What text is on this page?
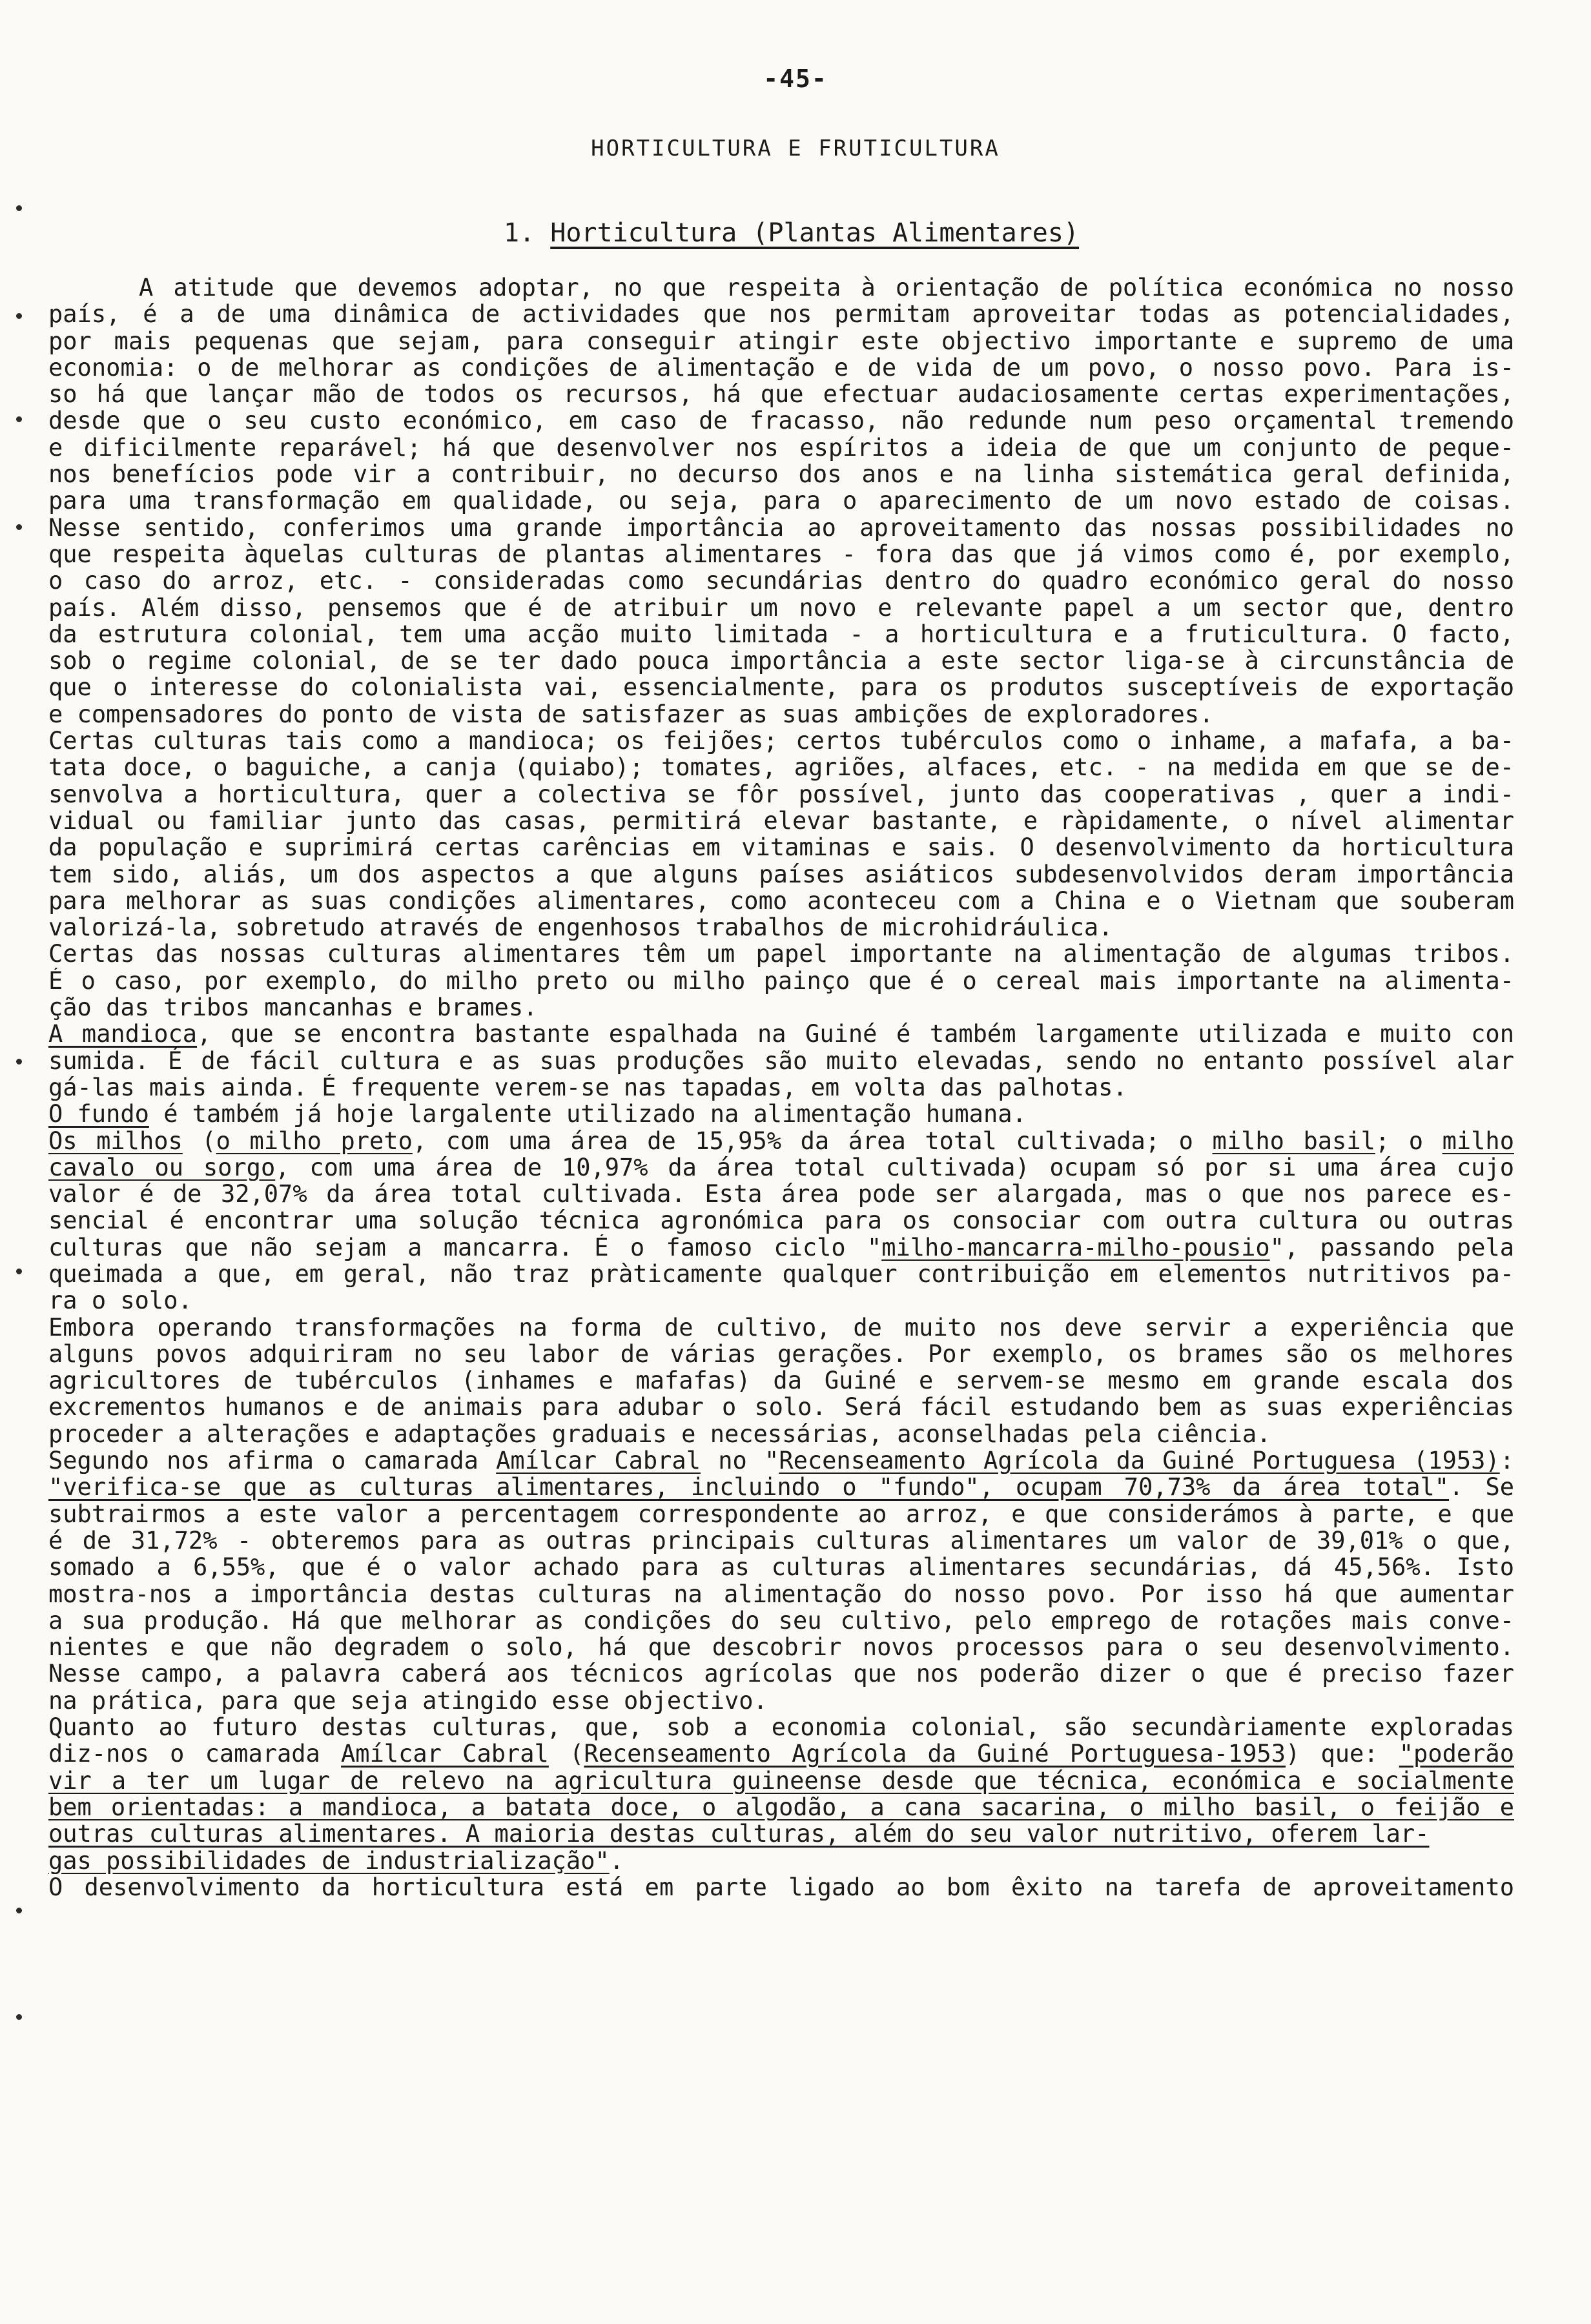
-45-
HORTICULTURA E FRUTICULTURA
1. Horticultura (Plantas Alimentares)
A atitude que devemos adoptar, no que respeita à orientação de política económica no nosso
país, é a de uma dinâmica de actividades que nos permitam aproveitar todas as potencialidades,
por mais pequenas que sejam, para conseguir atingir este objectivo importante e supremo de uma
economia: o de melhorar as condições de alimentação e de vida de um povo, o nosso povo. Para is-
so há que lançar mão de todos os recursos, há que efectuar audaciosamente certas experimentações,
desde que o seu custo económico, em caso de fracasso, não redunde num peso orçamental tremendo
e dificilmente reparável; há que desenvolver nos espíritos a ideia de que um conjunto de peque-
nos benefícios pode vir a contribuir, no decurso dos anos e na linha sistemática geral definida,
para uma transformação em qualidade, ou seja, para o aparecimento de um novo estado de coisas.
Nesse sentido, conferimos uma grande importância ao aproveitamento das nossas possibilidades no
que respeita àquelas culturas de plantas alimentares - fora das que já vimos como é, por exemplo,
o caso do arroz, etc. - consideradas como secundárias dentro do quadro económico geral do nosso
país. Além disso, pensemos que é de atribuir um novo e relevante papel a um sector que, dentro
da estrutura colonial, tem uma acção muito limitada - a horticultura e a fruticultura. O facto,
sob o regime colonial, de se ter dado pouca importância a este sector liga-se à circunstância de
que o interesse do colonialista vai, essencialmente, para os produtos susceptíveis de exportação
e compensadores do ponto de vista de satisfazer as suas ambições de exploradores.
Certas culturas tais como a mandioca; os feijões; certos tubérculos como o inhame, a mafafa, a ba-
tata doce, o baguiche, a canja (quiabo); tomates, agriões, alfaces, etc. - na medida em que se de-
senvolva a horticultura, quer a colectiva se fôr possível, junto das cooperativas , quer a indi-
vidual ou familiar junto das casas, permitirá elevar bastante, e ràpidamente, o nível alimentar
da população e suprimirá certas carências em vitaminas e sais. O desenvolvimento da horticultura
tem sido, aliás, um dos aspectos a que alguns países asiáticos subdesenvolvidos deram importância
para melhorar as suas condições alimentares, como aconteceu com a China e o Vietnam que souberam
valorizá-la, sobretudo através de engenhosos trabalhos de microhidráulica.
Certas das nossas culturas alimentares têm um papel importante na alimentação de algumas tribos.
É o caso, por exemplo, do milho preto ou milho painço que é o cereal mais importante na alimenta-
ção das tribos mancanhas e brames.
A mandioca, que se encontra bastante espalhada na Guiné é também largamente utilizada e muito con
sumida. É de fácil cultura e as suas produções são muito elevadas, sendo no entanto possível alar
gá-las mais ainda. É frequente verem-se nas tapadas, em volta das palhotas.
O fundo é também já hoje largalente utilizado na alimentação humana.
Os milhos (o milho preto, com uma área de 15,95% da área total cultivada; o milho basil; o milho
cavalo ou sorgo, com uma área de 10,97% da área total cultivada) ocupam só por si uma área cujo
valor é de 32,07% da área total cultivada. Esta área pode ser alargada, mas o que nos parece es-
sencial é encontrar uma solução técnica agronómica para os consociar com outra cultura ou outras
culturas que não sejam a mancarra. É o famoso ciclo "milho-mancarra-milho-pousio", passando pela
queimada a que, em geral, não traz pràticamente qualquer contribuição em elementos nutritivos pa-
ra o solo.
Embora operando transformações na forma de cultivo, de muito nos deve servir a experiência que
alguns povos adquiriram no seu labor de várias gerações. Por exemplo, os brames são os melhores
agricultores de tubérculos (inhames e mafafas) da Guiné e servem-se mesmo em grande escala dos
excrementos humanos e de animais para adubar o solo. Será fácil estudando bem as suas experiências
proceder a alterações e adaptações graduais e necessárias, aconselhadas pela ciência.
Segundo nos afirma o camarada Amílcar Cabral no "Recenseamento Agrícola da Guiné Portuguesa (1953):
"verifica-se que as culturas alimentares, incluindo o "fundo", ocupam 70,73% da área total". Se
subtrairmos a este valor a percentagem correspondente ao arroz, e que considerámos à parte, e que
é de 31,72% - obteremos para as outras principais culturas alimentares um valor de 39,01% o que,
somado a 6,55%, que é o valor achado para as culturas alimentares secundárias, dá 45,56%. Isto
mostra-nos a importância destas culturas na alimentação do nosso povo. Por isso há que aumentar
a sua produção. Há que melhorar as condições do seu cultivo, pelo emprego de rotações mais conve-
nientes e que não degradem o solo, há que descobrir novos processos para o seu desenvolvimento.
Nesse campo, a palavra caberá aos técnicos agrícolas que nos poderão dizer o que é preciso fazer
na prática, para que seja atingido esse objectivo.
Quanto ao futuro destas culturas, que, sob a economia colonial, são secundàriamente exploradas
diz-nos o camarada Amílcar Cabral (Recenseamento Agrícola da Guiné Portuguesa-1953) que: "poderão
vir a ter um lugar de relevo na agricultura guineense desde que técnica, económica e socialmente
bem orientadas: a mandioca, a batata doce, o algodão, a cana sacarina, o milho basil, o feijão e
outras culturas alimentares. A maioria destas culturas, além do seu valor nutritivo, oferem lar-
gas possibilidades de industrialização".
O desenvolvimento da horticultura está em parte ligado ao bom êxito na tarefa de aproveitamento
